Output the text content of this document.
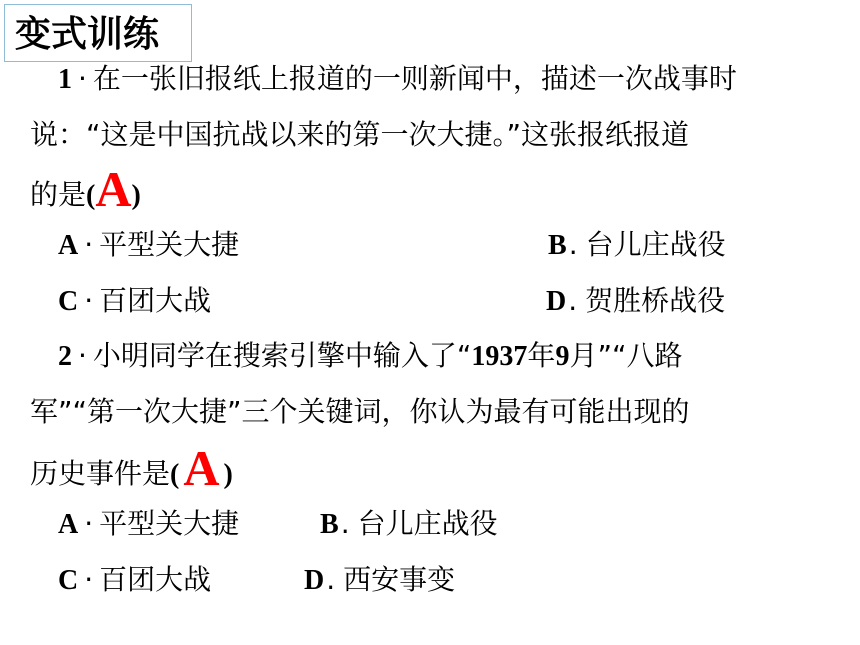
变式训练
1 · 在一张旧报纸上报道的一则新闻中，描述一次战事时
说：“这是中国抗战以来的第一次大捷。”这张报纸报道
的是(A)
A · 平型关大捷	B. 台儿庄战役
C · 百团大战	D. 贺胜桥战役
2 · 小明同学在搜索引擎中输入了“1937年9月”“八路
军”“第一次大捷”三个关键词，你认为最有可能出现的
历史事件是(A )
A · 平型关大捷	B. 台儿庄战役
C · 百团大战	D. 西安事变
